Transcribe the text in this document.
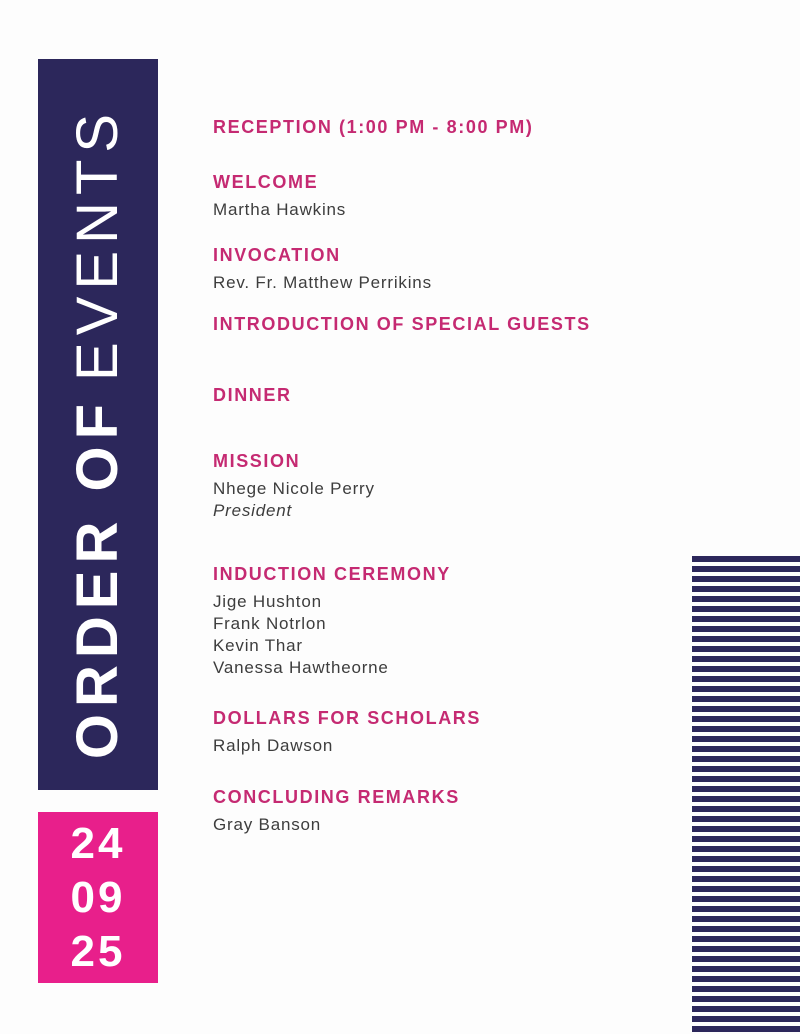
ORDER OFEVENTS
24
09
25
RECEPTION (1:00 PM - 8:00 PM)
WELCOME
Martha Hawkins
INVOCATION
Rev. Fr. Matthew Perrikins
INTRODUCTION OF SPECIAL GUESTS
DINNER
MISSION
Nhege Nicole Perry
President
INDUCTION CEREMONY
Jige Hushton
Frank Notrlon
Kevin Thar
Vanessa Hawtheorne
DOLLARS FOR SCHOLARS
Ralph Dawson
CONCLUDING REMARKS
Gray Banson
